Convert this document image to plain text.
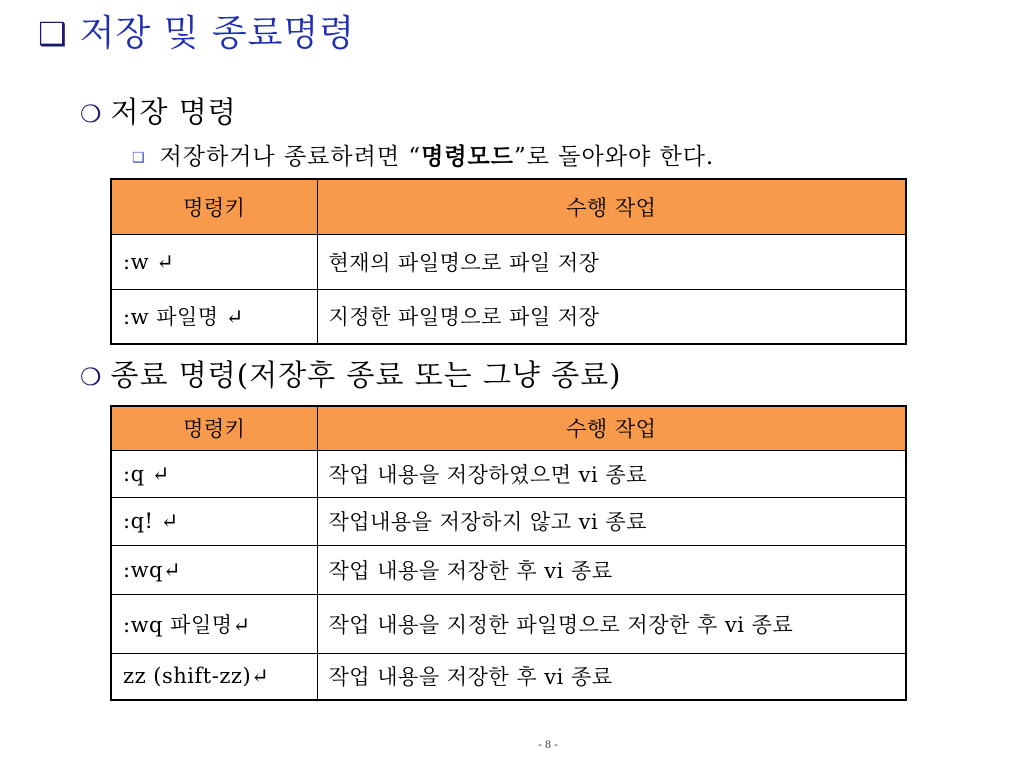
❑ 저장 및 종료명령
❍ 저장 명령
❑ 저장하거나 종료하려면 “명령모드”로 돌아와야 한다.
명령키	수행 작업
:w ↵	현재의 파일명으로 파일 저장
:w 파일명 ↵	지정한 파일명으로 파일 저장
❍ 종료 명령(저장후 종료 또는 그냥 종료)
명령키	수행 작업
:q ↵	작업 내용을 저장하였으면 vi 종료
:q! ↵	작업내용을 저장하지 않고 vi 종료
:wq↵	작업 내용을 저장한 후 vi 종료
:wq 파일명↵	작업 내용을 지정한 파일명으로 저장한 후 vi 종료
zz (shift-zz)↵	작업 내용을 저장한 후 vi 종료
- 8 -
